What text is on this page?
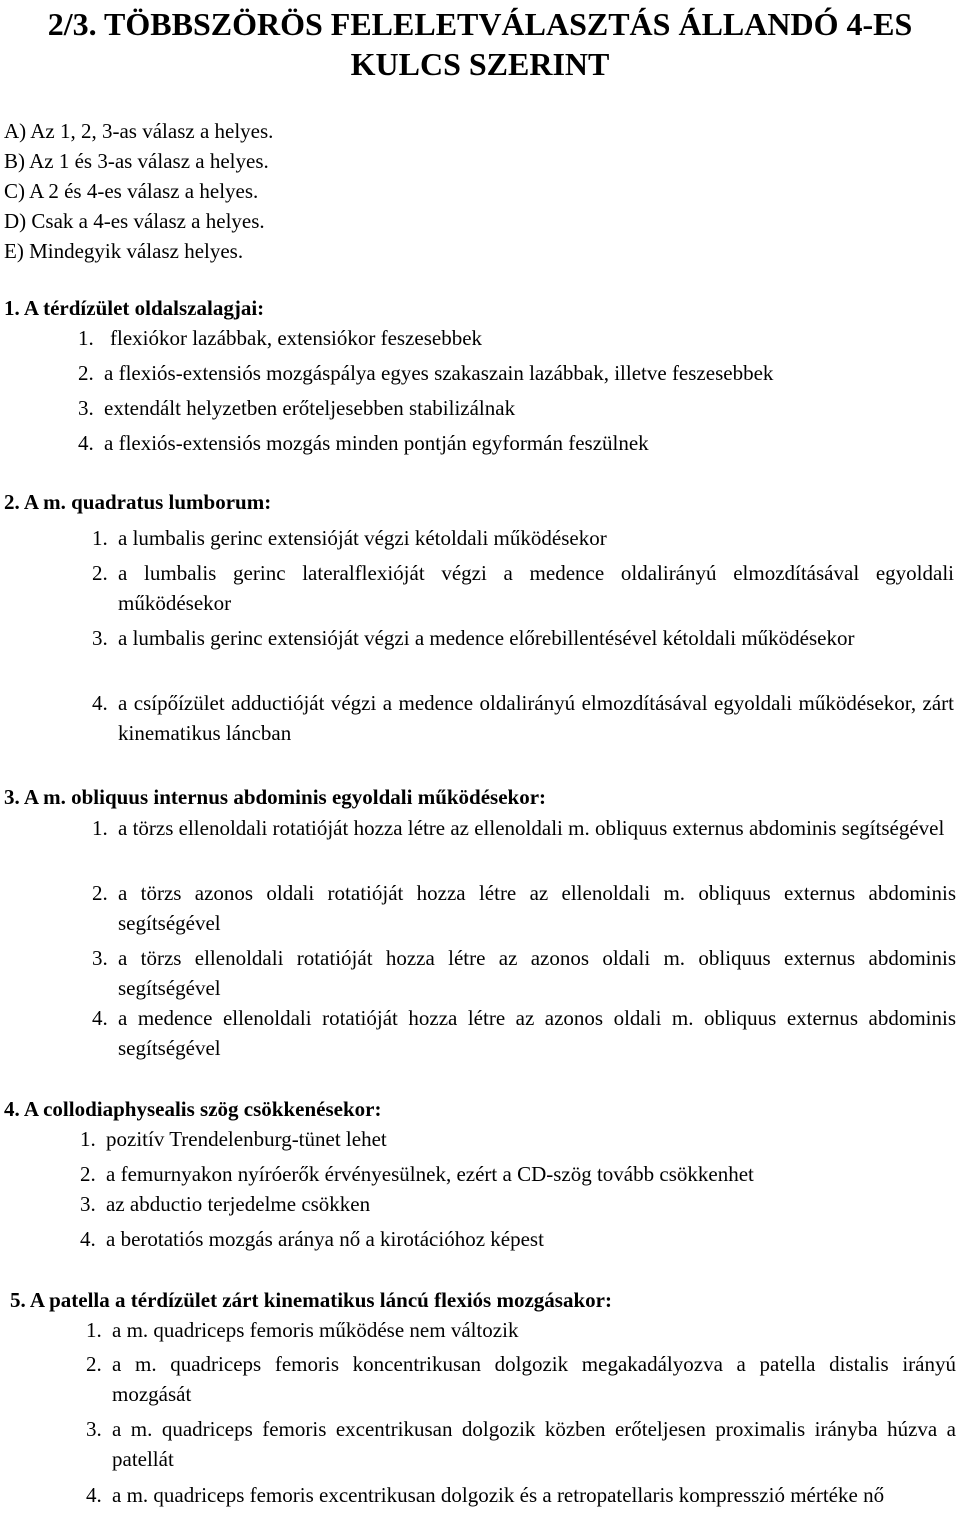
2/3. TÖBBSZÖRÖS FELELETVÁLASZTÁS ÁLLANDÓ 4-ES
KULCS SZERINT
A) Az 1, 2, 3-as válasz a helyes.
B) Az 1 és 3-as válasz a helyes.
C) A 2 és 4-es válasz a helyes.
D) Csak a 4-es válasz a helyes.
E) Mindegyik válasz helyes.
1. A térdízület oldalszalagjai:
1. flexiókor lazábbak, extensiókor feszesebbek
2. a flexiós-extensiós mozgáspálya egyes szakaszain lazábbak, illetve feszesebbek
3. extendált helyzetben erőteljesebben stabilizálnak
4. a flexiós-extensiós mozgás minden pontján egyformán feszülnek
2. A m. quadratus lumborum:
1. a lumbalis gerinc extensióját végzi kétoldali működésekor
2. a lumbalis gerinc lateralflexióját végzi a medence oldalirányú elmozdításával egyoldali működésekor
3. a lumbalis gerinc extensióját végzi a medence előrebillentésével kétoldali működésekor
4. a csípőízület adductióját végzi a medence oldalirányú elmozdításával egyoldali működésekor, zárt kinematikus láncban
3. A m. obliquus internus abdominis egyoldali működésekor:
1. a törzs ellenoldali rotatióját hozza létre az ellenoldali m. obliquus externus abdominis segítségével
2. a törzs azonos oldali rotatióját hozza létre az ellenoldali m. obliquus externus abdominis segítségével
3. a törzs ellenoldali rotatióját hozza létre az azonos oldali m. obliquus externus abdominis segítségével
4. a medence ellenoldali rotatióját hozza létre az azonos oldali m. obliquus externus abdominis segítségével
4. A collodiaphysealis szög csökkenésekor:
1. pozitív Trendelenburg-tünet lehet
2. a femurnyakon nyíróerők érvényesülnek, ezért a CD-szög tovább csökkenhet
3. az abductio terjedelme csökken
4. a berotatiós mozgás aránya nő a kirotációhoz képest
5. A patella a térdízület zárt kinematikus láncú flexiós mozgásakor:
1. a m. quadriceps femoris működése nem változik
2. a m. quadriceps femoris koncentrikusan dolgozik megakadályozva a patella distalis irányú mozgását
3. a m. quadriceps femoris excentrikusan dolgozik közben erőteljesen proximalis irányba húzva a patellát
4. a m. quadriceps femoris excentrikusan dolgozik és a retropatellaris kompresszió mértéke nő
